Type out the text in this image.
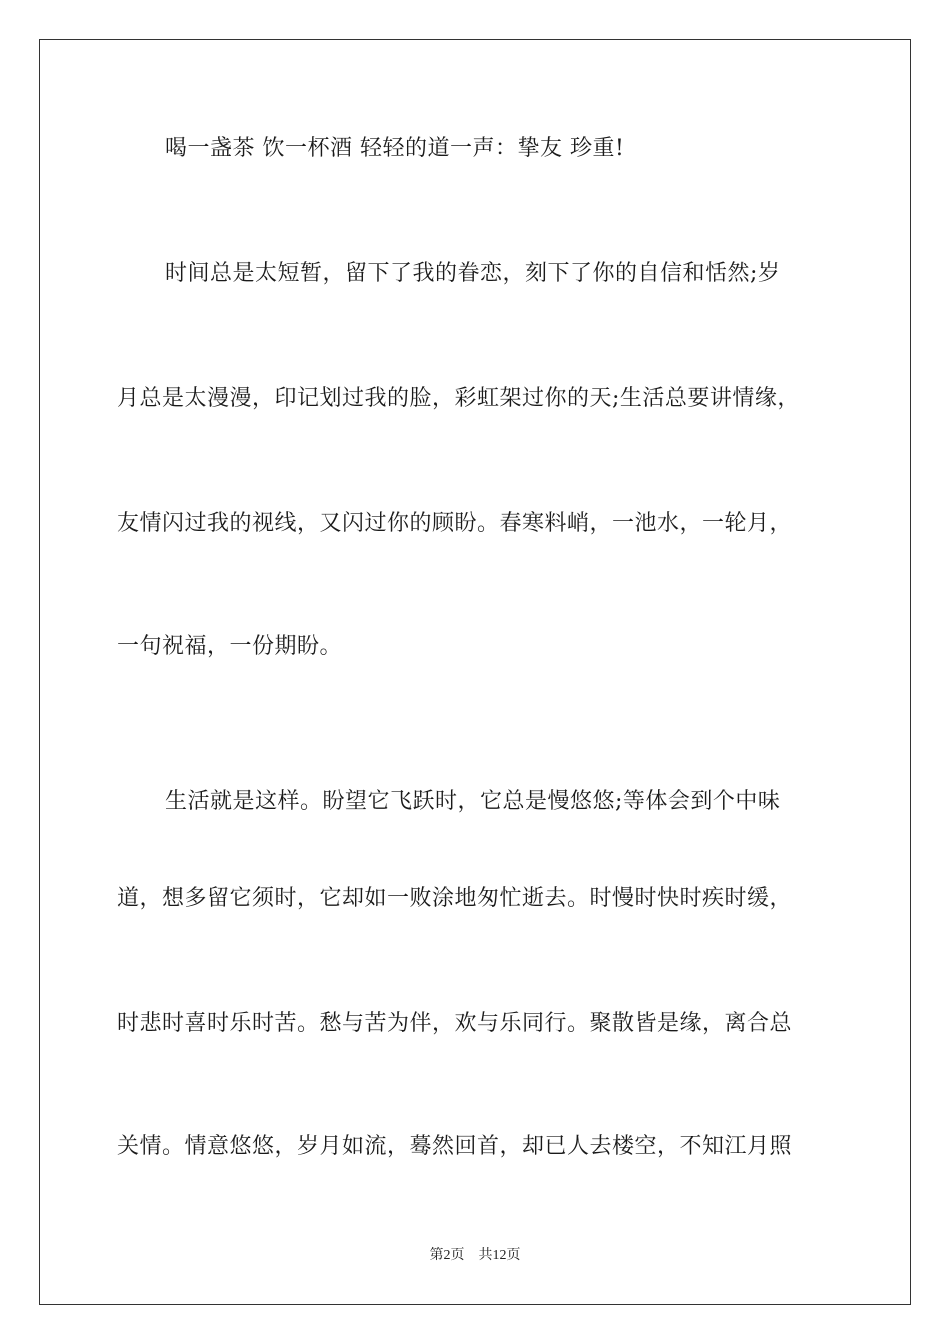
喝一盏茶 饮一杯酒 轻轻的道一声：挚友 珍重!
时间总是太短暂，留下了我的眷恋，刻下了你的自信和恬然;岁
月总是太漫漫，印记划过我的脸，彩虹架过你的天;生活总要讲情缘，
友情闪过我的视线，又闪过你的顾盼。春寒料峭，一池水，一轮月，
一句祝福，一份期盼。
生活就是这样。盼望它飞跃时，它总是慢悠悠;等体会到个中味
道，想多留它须时，它却如一败涂地匆忙逝去。时慢时快时疾时缓，
时悲时喜时乐时苦。愁与苦为伴，欢与乐同行。聚散皆是缘，离合总
关情。情意悠悠，岁月如流，蓦然回首，却已人去楼空，不知江月照
第2页 共12页
